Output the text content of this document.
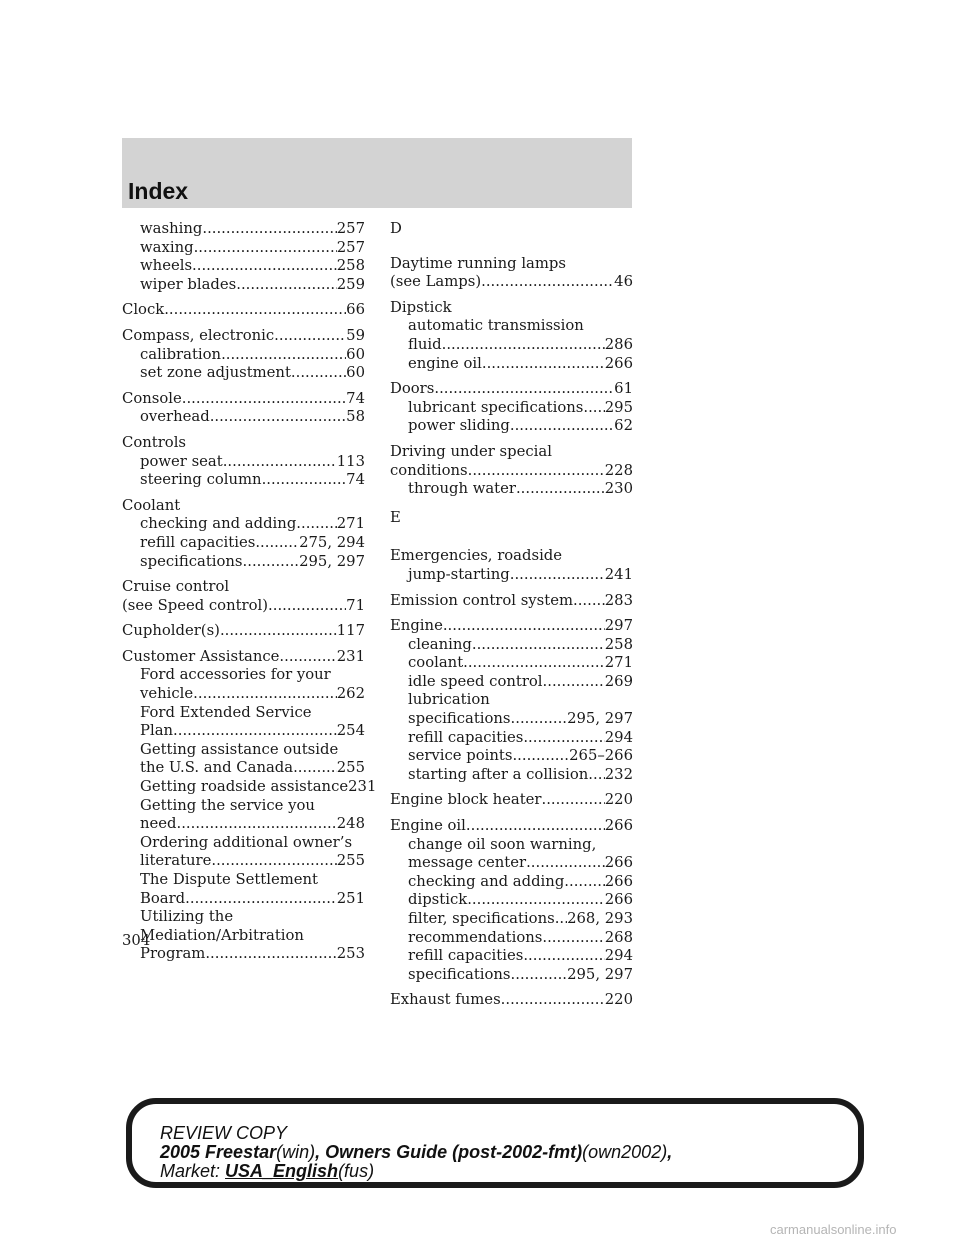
Index
washing .....	257
waxing .....	257
wheels .....	258
wiper blades .....	259
Clock .....	66
Compass, electronic .....	59
calibration .....	60
set zone adjustment .....	60
Console .....	74
overhead .....	58
Controls
power seat .....	113
steering column .....	74
Coolant
checking and adding .....	271
refill capacities .....	275, 294
specifications .....	295, 297
Cruise control
(see Speed control) .....	71
Cupholder(s) .....	117
Customer Assistance .....	231
Ford accessories for your
vehicle .....	262
Ford Extended Service
Plan .....	254
Getting assistance outside
the U.S. and Canada .....	255
Getting roadside assistance 231
Getting the service you
need .....	248
Ordering additional owner’s
literature .....	255
The Dispute Settlement
Board .....	251
Utilizing the
Mediation/Arbitration
Program .....	253
D
Daytime running lamps
(see Lamps) .....	46
Dipstick
automatic transmission
fluid .....	286
engine oil .....	266
Doors .....	61
lubricant specifications ..... 295
power sliding .....	62
Driving under special
conditions .....	228
through water .....	230
E
Emergencies, roadside
jump-starting .....	241
Emission control system ..... 283
Engine .....	297
cleaning .....	258
coolant .....	271
idle speed control .....	269
lubrication
specifications .....	295, 297
refill capacities .....	294
service points .....	265–266
starting after a collision ..... 232
Engine block heater .....	220
Engine oil .....	266
change oil soon warning,
message center .....	266
checking and adding .....	266
dipstick .....	266
filter, specifications ..... 268, 293
recommendations .....	268
refill capacities .....	294
specifications .....	295, 297
Exhaust fumes .....	220
304
REVIEW COPY
2005 Freestar(win), Owners Guide (post-2002-fmt)(own2002),
Market: USA_English(fus)
carmanualsonline.info
